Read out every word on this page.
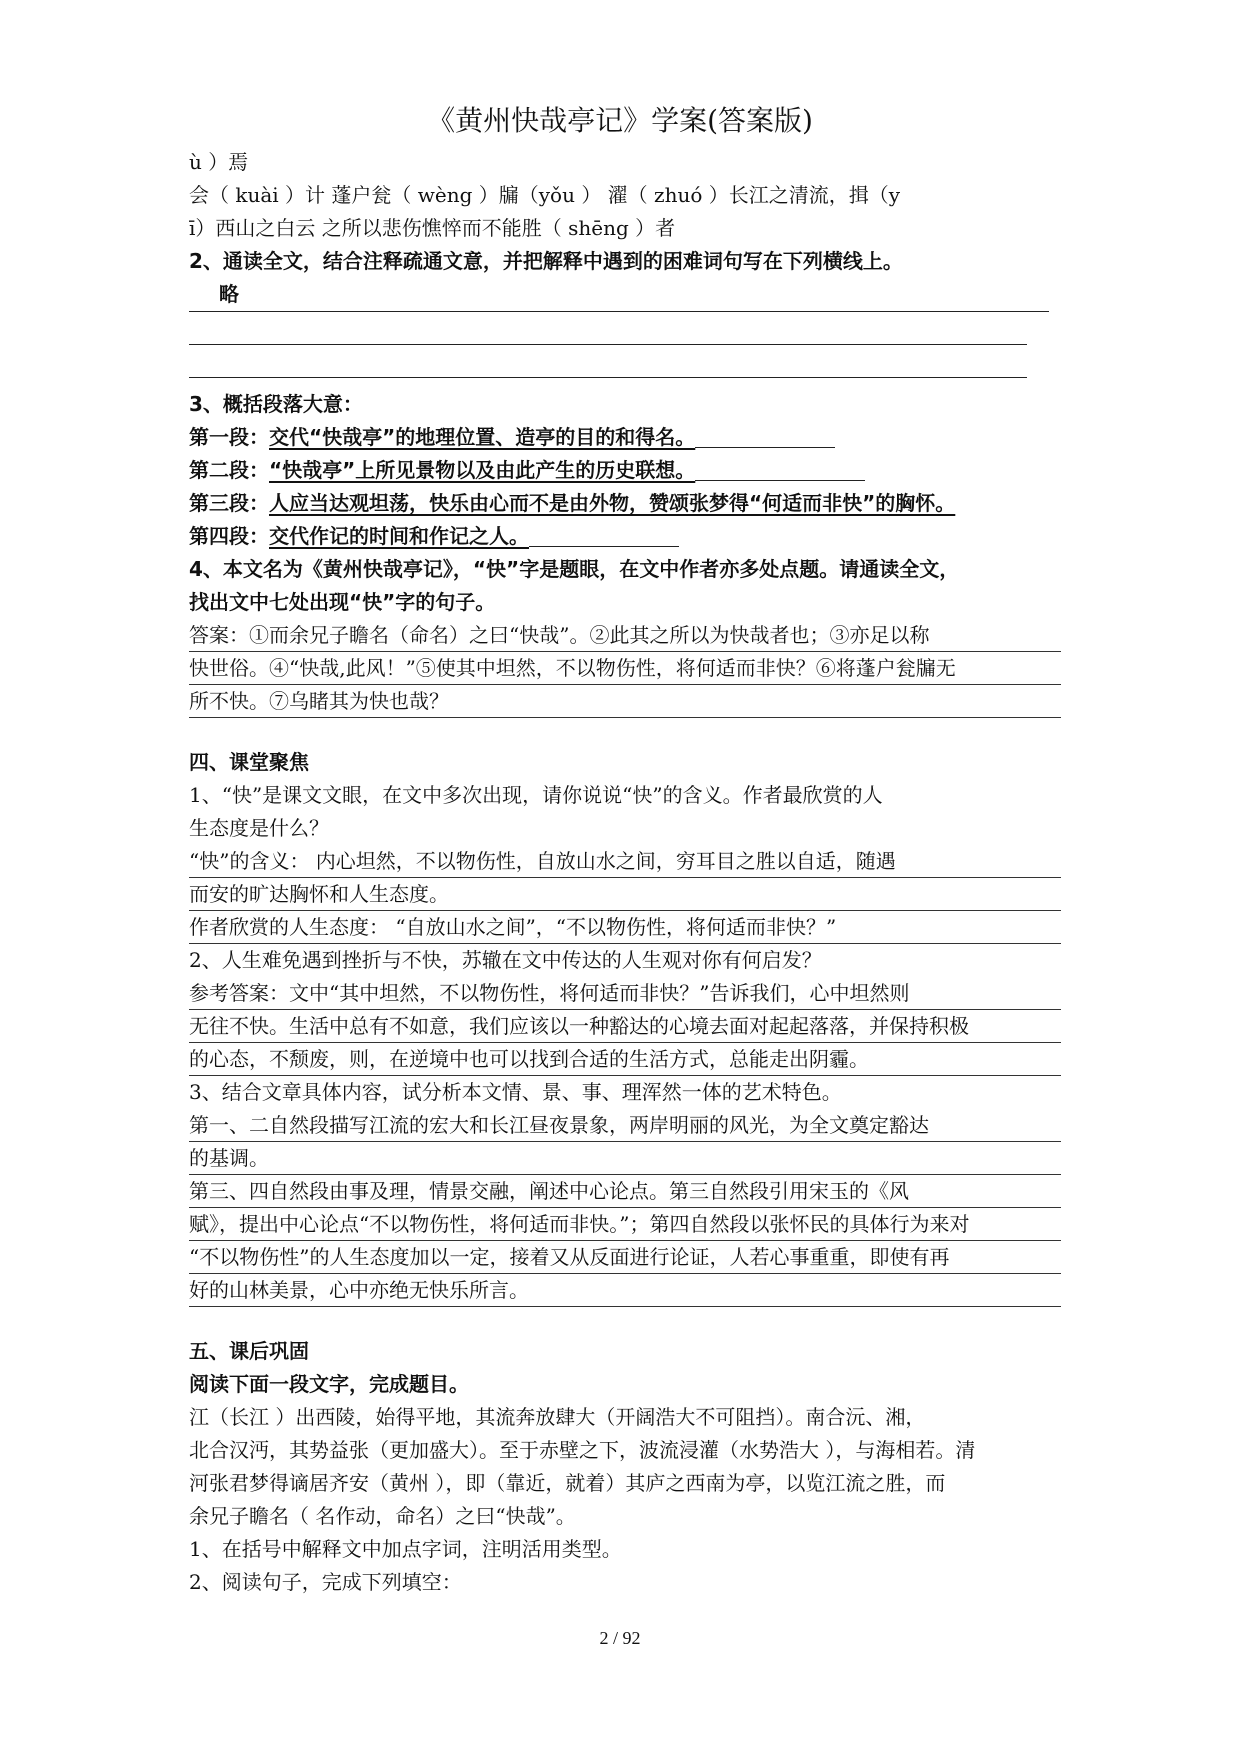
《黄州快哉亭记》学案(答案版)
ù ）焉
会（ kuài ）计 蓬户瓮（ wèng ）牖（yǒu ） 濯（ zhuó ）长江之清流，揖（y
ī）西山之白云 之所以悲伤憔悴而不能胜（ shēng ）者
2、通读全文，结合注释疏通文意，并把解释中遇到的困难词句写在下列横线上。
略
3、概括段落大意：
第一段：交代“快哉亭”的地理位置、造亭的目的和得名。
第二段：“快哉亭”上所见景物以及由此产生的历史联想。
第三段：人应当达观坦荡，快乐由心而不是由外物，赞颂张梦得“何适而非快”的胸怀。
第四段：交代作记的时间和作记之人。
4、本文名为《黄州快哉亭记》，“快”字是题眼，在文中作者亦多处点题。请通读全文，
找出文中七处出现“快”字的句子。
答案：①而余兄子瞻名（命名）之曰“快哉”。②此其之所以为快哉者也；③亦足以称
快世俗。④“快哉,此风！”⑤使其中坦然，不以物伤性，将何适而非快？⑥将蓬户瓮牖无
所不快。⑦乌睹其为快也哉？
四、课堂聚焦
1、“快”是课文文眼，在文中多次出现，请你说说“快”的含义。作者最欣赏的人
生态度是什么？
“快”的含义： 内心坦然，不以物伤性，自放山水之间，穷耳目之胜以自适，随遇
而安的旷达胸怀和人生态度。
作者欣赏的人生态度： “自放山水之间”，“不以物伤性，将何适而非快？”
2、人生难免遇到挫折与不快，苏辙在文中传达的人生观对你有何启发？
参考答案：文中“其中坦然，不以物伤性，将何适而非快？”告诉我们，心中坦然则
无往不快。生活中总有不如意，我们应该以一种豁达的心境去面对起起落落，并保持积极
的心态，不颓废，则，在逆境中也可以找到合适的生活方式，总能走出阴霾。
3、结合文章具体内容，试分析本文情、景、事、理浑然一体的艺术特色。
第一、二自然段描写江流的宏大和长江昼夜景象，两岸明丽的风光，为全文奠定豁达
的基调。
第三、四自然段由事及理，情景交融，阐述中心论点。第三自然段引用宋玉的《风
赋》，提出中心论点“不以物伤性，将何适而非快。”；第四自然段以张怀民的具体行为来对
“不以物伤性”的人生态度加以一定，接着又从反面进行论证，人若心事重重，即使有再
好的山林美景，心中亦绝无快乐所言。
五、课后巩固
阅读下面一段文字，完成题目。
江（长江 ）出西陵，始得平地，其流奔放肆大（开阔浩大不可阻挡）。南合沅、湘，
北合汉沔，其势益张（更加盛大）。至于赤壁之下，波流浸灌（水势浩大 ），与海相若。清
河张君梦得谪居齐安（黄州 ），即（靠近，就着）其庐之西南为亭，以览江流之胜，而
余兄子瞻名（ 名作动，命名）之曰“快哉”。
1、在括号中解释文中加点字词，注明活用类型。
2、阅读句子，完成下列填空：
2 / 92
